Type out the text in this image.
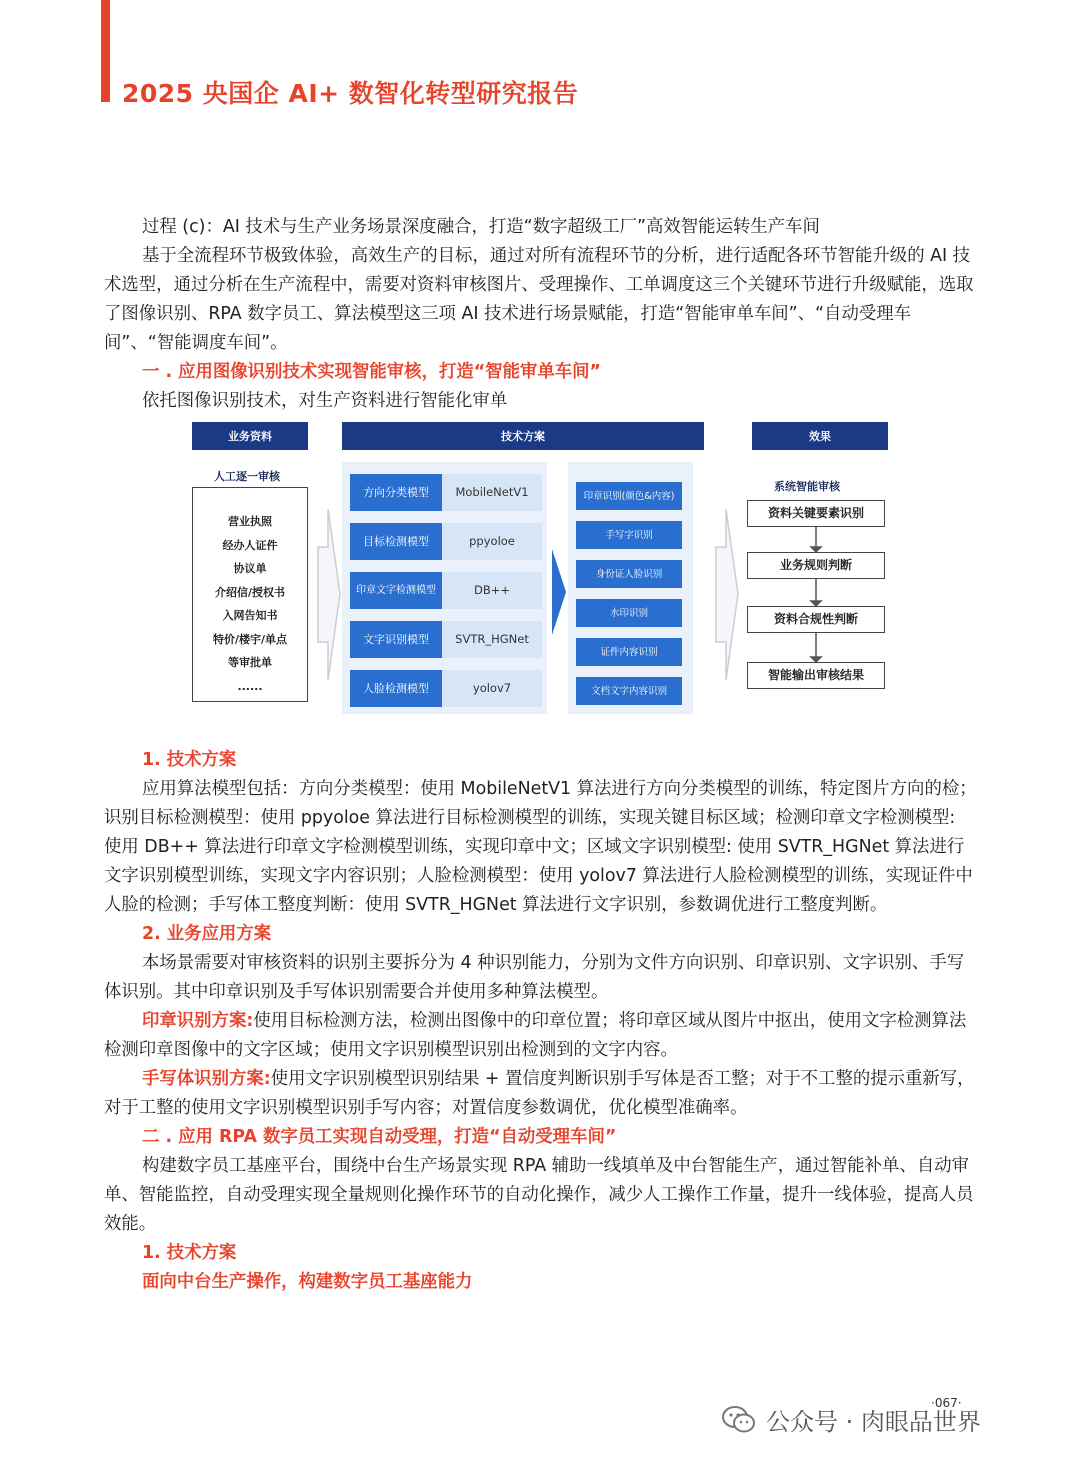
2025 央国企 AI+ 数智化转型研究报告

过程 (c)：AI 技术与生产业务场景深度融合，打造“数字超级工厂”高效智能运转生产车间

基于全流程环节极致体验，高效生产的目标，通过对所有流程环节的分析，进行适配各环节智能升级的 AI 技术选型，通过分析在生产流程中，需要对资料审核图片、受理操作、工单调度这三个关键环节进行升级赋能，选取了图像识别、RPA 数字员工、算法模型这三项 AI 技术进行场景赋能，打造“智能审单车间”、“自动受理车间”、“智能调度车间”。

一 . 应用图像识别技术实现智能审核，打造“智能审单车间”

依托图像识别技术，对生产资料进行智能化审单

业务资料
人工逐一审核
营业执照
经办人证件
协议单
介绍信/授权书
入网告知书
特价/楼宇/单点
等审批单
......
技术方案
方向分类模型	MobileNetV1
目标检测模型	ppyoloe
印章文字检测模型	DB++
文字识别模型	SVTR_HGNet
人脸检测模型	yolov7
印章识别(颜色&内容)
手写字识别
身份证人脸识别
水印识别
证件内容识别
文档文字内容识别
效果
系统智能审核
资料关键要素识别
业务规则判断
资料合规性判断
智能输出审核结果

1. 技术方案

应用算法模型包括：方向分类模型：使用 MobileNetV1 算法进行方向分类模型的训练，特定图片方向的检；识别目标检测模型：使用 ppyoloe 算法进行目标检测模型的训练，实现关键目标区域；检测印章文字检测模型: 使用 DB++ 算法进行印章文字检测模型训练，实现印章中文；区域文字识别模型: 使用 SVTR_HGNet 算法进行文字识别模型训练，实现文字内容识别；人脸检测模型：使用 yolov7 算法进行人脸检测模型的训练，实现证件中人脸的检测；手写体工整度判断：使用 SVTR_HGNet 算法进行文字识别，参数调优进行工整度判断。

2. 业务应用方案

本场景需要对审核资料的识别主要拆分为 4 种识别能力，分别为文件方向识别、印章识别、文字识别、手写体识别。其中印章识别及手写体识别需要合并使用多种算法模型。

印章识别方案:使用目标检测方法，检测出图像中的印章位置；将印章区域从图片中抠出，使用文字检测算法检测印章图像中的文字区域；使用文字识别模型识别出检测到的文字内容。

手写体识别方案:使用文字识别模型识别结果 + 置信度判断识别手写体是否工整；对于不工整的提示重新写，对于工整的使用文字识别模型识别手写内容；对置信度参数调优，优化模型准确率。

二 . 应用 RPA 数字员工实现自动受理，打造“自动受理车间”

构建数字员工基座平台，围绕中台生产场景实现 RPA 辅助一线填单及中台智能生产，通过智能补单、自动审单、智能监控，自动受理实现全量规则化操作环节的自动化操作，减少人工操作工作量，提升一线体验，提高人员效能。

1. 技术方案

面向中台生产操作，构建数字员工基座能力

·067·
公众号 · 肉眼品世界
